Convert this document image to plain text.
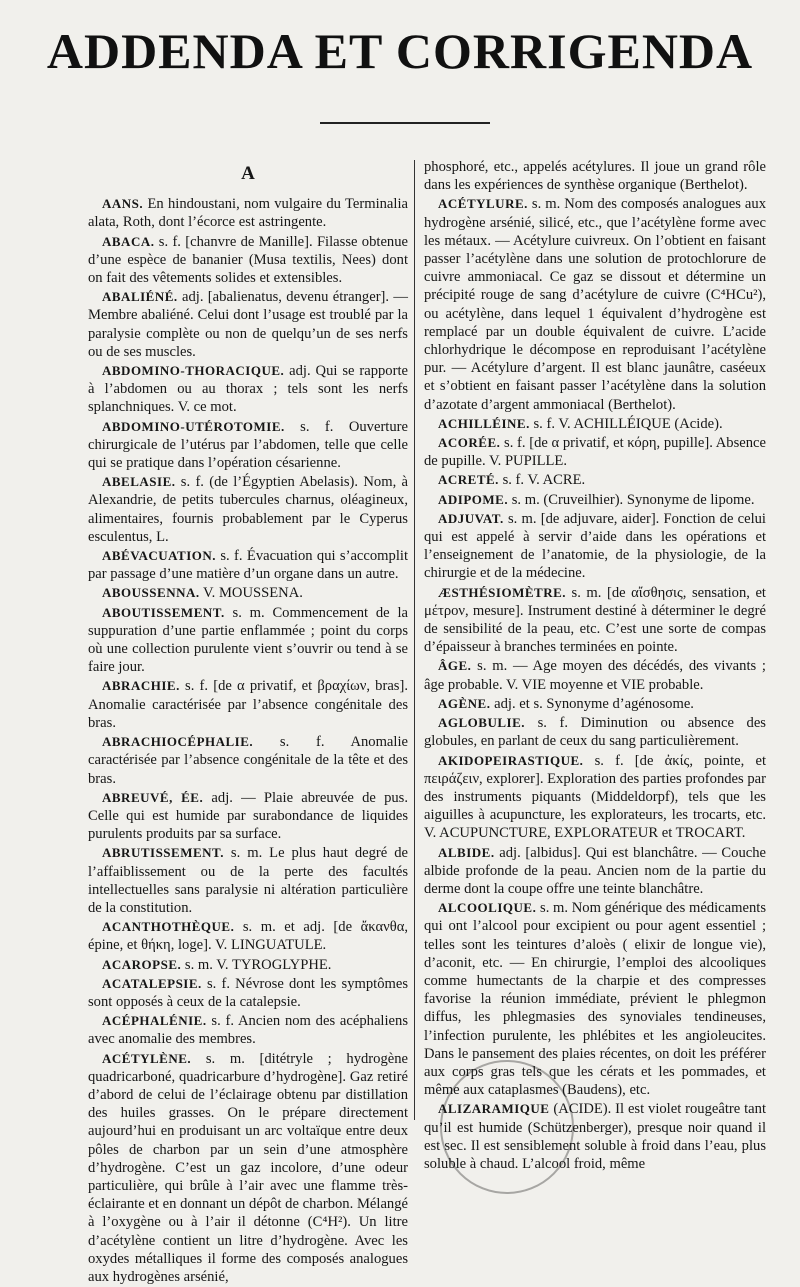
ADDENDA ET CORRIGENDA
A

AANS. En hindoustani, nom vulgaire du Terminalia alata, Roth, dont l’écorce est astringente.

ABACA. s. f. [chanvre de Manille]. Filasse obtenue d’une espèce de bananier (Musa textilis, Nees) dont on fait des vêtements solides et extensibles.

ABALIÉNÉ. adj. [abalienatus, devenu étranger]. — Membre abaliéné. Celui dont l’usage est troublé par la paralysie complète ou non de quelqu’un de ses nerfs ou de ses muscles.

ABDOMINO-THORACIQUE. adj. Qui se rapporte à l’abdomen ou au thorax ; tels sont les nerfs splanchniques. V. ce mot.

ABDOMINO-UTÉROTOMIE. s. f. Ouverture chirurgicale de l’utérus par l’abdomen, telle que celle qui se pratique dans l’opération césarienne.

ABELASIE. s. f. (de l’Égyptien Abelasis). Nom, à Alexandrie, de petits tubercules charnus, oléagineux, alimentaires, fournis probablement par le Cyperus esculentus, L.

ABÉVACUATION. s. f. Évacuation qui s’accomplit par passage d’une matière d’un organe dans un autre.

ABOUSSENNA. V. MOUSSENA.

ABOUTISSEMENT. s. m. Commencement de la suppuration d’une partie enflammée ; point du corps où une collection purulente vient s’ouvrir ou tend à se faire jour.

ABRACHIE. s. f. [de α privatif, et βραχίων, bras]. Anomalie caractérisée par l’absence congénitale des bras.

ABRACHIOCÉPHALIE. s. f. Anomalie caractérisée par l’absence congénitale de la tête et des bras.

ABREUVÉ, ÉE. adj. — Plaie abreuvée de pus. Celle qui est humide par surabondance de liquides purulents produits par sa surface.

ABRUTISSEMENT. s. m. Le plus haut degré de l’affaiblissement ou de la perte des facultés intellectuelles sans paralysie ni altération particulière de la constitution.

ACANTHOTHÈQUE. s. m. et adj. [de ἄκανθα, épine, et θήκη, loge]. V. LINGUATULE.

ACAROPSE. s. m. V. TYROGLYPHE.

ACATALEPSIE. s. f. Névrose dont les symptômes sont opposés à ceux de la catalepsie.

ACÉPHALÉNIE. s. f. Ancien nom des acéphaliens avec anomalie des membres.

ACÉTYLÈNE. s. m. [ditétryle ; hydrogène quadricarboné, quadricarbure d’hydrogène]. Gaz retiré d’abord de celui de l’éclairage obtenu par distillation des huiles grasses. On le prépare directement aujourd’hui en produisant un arc voltaïque entre deux pôles de charbon par un sein d’une atmosphère d’hydrogène. C’est un gaz incolore, d’une odeur particulière, qui brûle à l’air avec une flamme très-éclairante et en donnant un dépôt de charbon. Mélangé à l’oxygène ou à l’air il détonne (C⁴H²). Un litre d’acétylène contient un litre d’hydrogène. Avec les oxydes métalliques il forme des composés analogues aux hydrogènes arsénié,

phosphoré, etc., appelés acétylures. Il joue un grand rôle dans les expériences de synthèse organique (Berthelot).

ACÉTYLURE. s. m. Nom des composés analogues aux hydrogène arsénié, silicé, etc., que l’acétylène forme avec les métaux. — Acétylure cuivreux. On l’obtient en faisant passer l’acétylène dans une solution de protochlorure de cuivre ammoniacal. Ce gaz se dissout et détermine un précipité rouge de sang d’acétylure de cuivre (C⁴HCu²), ou acétylène, dans lequel 1 équivalent d’hydrogène est remplacé par un double équivalent de cuivre. L’acide chlorhydrique le décompose en reproduisant l’acétylène pur. — Acétylure d’argent. Il est blanc jaunâtre, caséeux et s’obtient en faisant passer l’acétylène dans la solution d’azotate d’argent ammoniacal (Berthelot).

ACHILLÉINE. s. f. V. ACHILLÉIQUE (Acide).

ACORÉE. s. f. [de α privatif, et κόρη, pupille]. Absence de pupille. V. PUPILLE.

ACRETÉ. s. f. V. ACRE.

ADIPOME. s. m. (Cruveilhier). Synonyme de lipome.

ADJUVAT. s. m. [de adjuvare, aider]. Fonction de celui qui est appelé à servir d’aide dans les opérations et l’enseignement de l’anatomie, de la physiologie, de la chirurgie et de la médecine.

ÆSTHÉSIOMÈTRE. s. m. [de αἴσθησις, sensation, et μέτρον, mesure]. Instrument destiné à déterminer le degré de sensibilité de la peau, etc. C’est une sorte de compas d’épaisseur à branches terminées en pointe.

ÂGE. s. m. — Age moyen des décédés, des vivants ; âge probable. V. VIE moyenne et VIE probable.

AGÈNE. adj. et s. Synonyme d’agénosome.

AGLOBULIE. s. f. Diminution ou absence des globules, en parlant de ceux du sang particulièrement.

AKIDOPEIRASTIQUE. s. f. [de ἀκίς, pointe, et πειράζειν, explorer]. Exploration des parties profondes par des instruments piquants (Middeldorpf), tels que les aiguilles à acupuncture, les explorateurs, les trocarts, etc. V. ACUPUNCTURE, EXPLORATEUR et TROCART.

ALBIDE. adj. [albidus]. Qui est blanchâtre. — Couche albide profonde de la peau. Ancien nom de la partie du derme dont la coupe offre une teinte blanchâtre.

ALCOOLIQUE. s. m. Nom générique des médicaments qui ont l’alcool pour excipient ou pour agent essentiel ; telles sont les teintures d’aloès ( elixir de longue vie), d’aconit, etc. — En chirurgie, l’emploi des alcooliques comme humectants de la charpie et des compresses favorise la réunion immédiate, prévient le phlegmon diffus, les phlegmasies des synoviales tendineuses, l’infection purulente, les phlébites et les angioleucites. Dans le pansement des plaies récentes, on doit les préférer aux corps gras tels que les cérats et les pommades, et même aux cataplasmes (Baudens), etc.

ALIZARAMIQUE (ACIDE). Il est violet rougeâtre tant qu’il est humide (Schützenberger), presque noir quand il est sec. Il est sensiblement soluble à froid dans l’eau, plus soluble à chaud. L’alcool froid, même
